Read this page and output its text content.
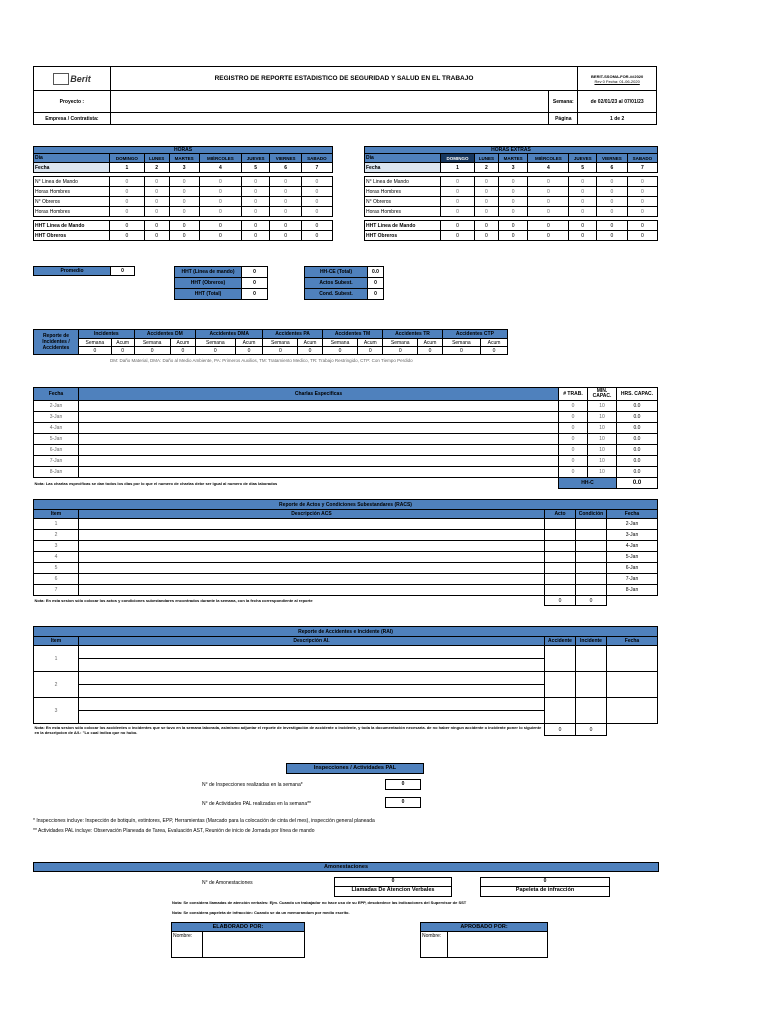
Berit	REGISTRO DE REPORTE ESTADISTICO DE SEGURIDAD Y SALUD EN EL TRABAJO		BERIT-SSOMA-FOR-##2020
Rev 0 Fecha: 01-06-2020

Proyecto :		Semana:	de 02/01/23 al 07/01/23
Empresa / Contratista:		Página	1 de 2
HORAS							
Dia	DOMINGO	LUNES	MARTES	MIÉRCOLES	JUEVES	VIERNES	SABADO
Fecha	1	2	3	4	5	6	7

N° Linea de Mando	0	0	0	0	0	0	0
Horas Hombres	0	0	0	0	0	0	0
N° Obreros	0	0	0	0	0	0	0
Horas Hombres	0	0	0	0	0	0	0

HHT Linea de Mando	0	0	0	0	0	0	0
HHT Obreros	0	0	0	0	0	0	0
HORAS EXTRAS							
Dia	DOMINGO	LUNES	MARTES	MIÉRCOLES	JUEVES	VIERNES	SABADO
Fecha	1	2	3	4	5	6	7

N° Linea de Mando	0	0	0	0	0	0	0
Horas Hombres	0	0	0	0	0	0	0
N° Obreros	0	0	0	0	0	0	0
Horas Hombres	0	0	0	0	0	0	0

HHT Linea de Mando	0	0	0	0	0	0	0
HHT Obreros	0	0	0	0	0	0	0
Promedio	0	HHT (Linea de mando)	0
HHT (Obreros)	0
HHT (Total)	0
HH-CE (Total)	0.0
Actos Subest.	0
Cond. Subest.	0
Reporte de Incidentes / Accidentes	Incidentes		Accidentes DM		Accidentes DMA		Accidentes PA		Accidentes TM		Accidentes TR		Accidentes CTP	
	Semana	Acum	Semana	Acum	Semana	Acum	Semana	Acum	Semana	Acum	Semana	Acum	Semana	Acum
	0	0	0	0	0	0	0	0	0	0	0	0	0	0
DM: Daño Material, DMA: Daño al Medio Ambiente, PA: Primeros Auxilios, TM: Tratamiento Medico, TR: Trabajo Restringido, CTP: Con Tiempo Perdido
Fecha	Charlas Especificas	# TRAB.	MIN. CAPAC.	HRS. CAPAC.
2-Jan		0	10	0.0
3-Jan		0	10	0.0
4-Jan		0	10	0.0
5-Jan		0	10	0.0
6-Jan		0	10	0.0
7-Jan		0	10	0.0
8-Jan		0	10	0.0
Nota: Las charlas especificas se dan todos los dias por lo que el numero de charlas debe ser igual al numero de dias laborados		HH-C		0.0
Reporte de Actos y Condiciones Subestandares (RACS)				
Item	Descripción ACS	Acto	Condición	Fecha
1				2-Jan
2				3-Jan
3				4-Jan
4				5-Jan
5				6-Jan
6				7-Jan
7				8-Jan
Nota: En esta sesion sólo colocar los actos y condiciones subestandares encontrados durante la semana, con la fecha correspondiente al reporte		0	0	
Reporte de Accidentes e Incidente (RAI)				
Item	Descripción AI.	Accidente	Incidente	Fecha
1				

2				

3				

Nota: En esta sesion sólo colocar los accidentes o incidentes que se tuvo en la semana laborada, asimismo adjuntar el reporte de investigación de accidente o incidente, y toda la documentación necesaria. de no haber ningun accidente o incidente poner lo siguiente en la descripcion de A/I.: "Lo cual indica que no hubo.		0	0	
Inspecciones / Actividades PAL
N° de Inspecciones realizadas en la semana*	0
N° de Actividades PAL realizadas en la semana**	0
* Inspecciones incluye: Inspección de botiquín, extintores, EPP, Herramientas (Marcado para la colocación de cinta del mes), inspección general planeada
** Actividades PAL incluye: Observación Planeada de Tarea, Evaluación AST, Reunión de inicio de Jornada por línea de mando
Amonestaciones
N° de Amonestaciones	0
Llamadas De Atencion Verbales
0
Papeleta de infracción
Nota: Se considera llamadas de atención verbales: Ejm. Cuando un trabajador no hace uso de su EPP, desobedece las indicaciones del Supervisor de SST
Nota: Se considera papeleta de infracción: Cuando se da un memorandum por medio escrito.
ELABORADO POR:
Nombre:
APROBADO POR:
Nombre:
